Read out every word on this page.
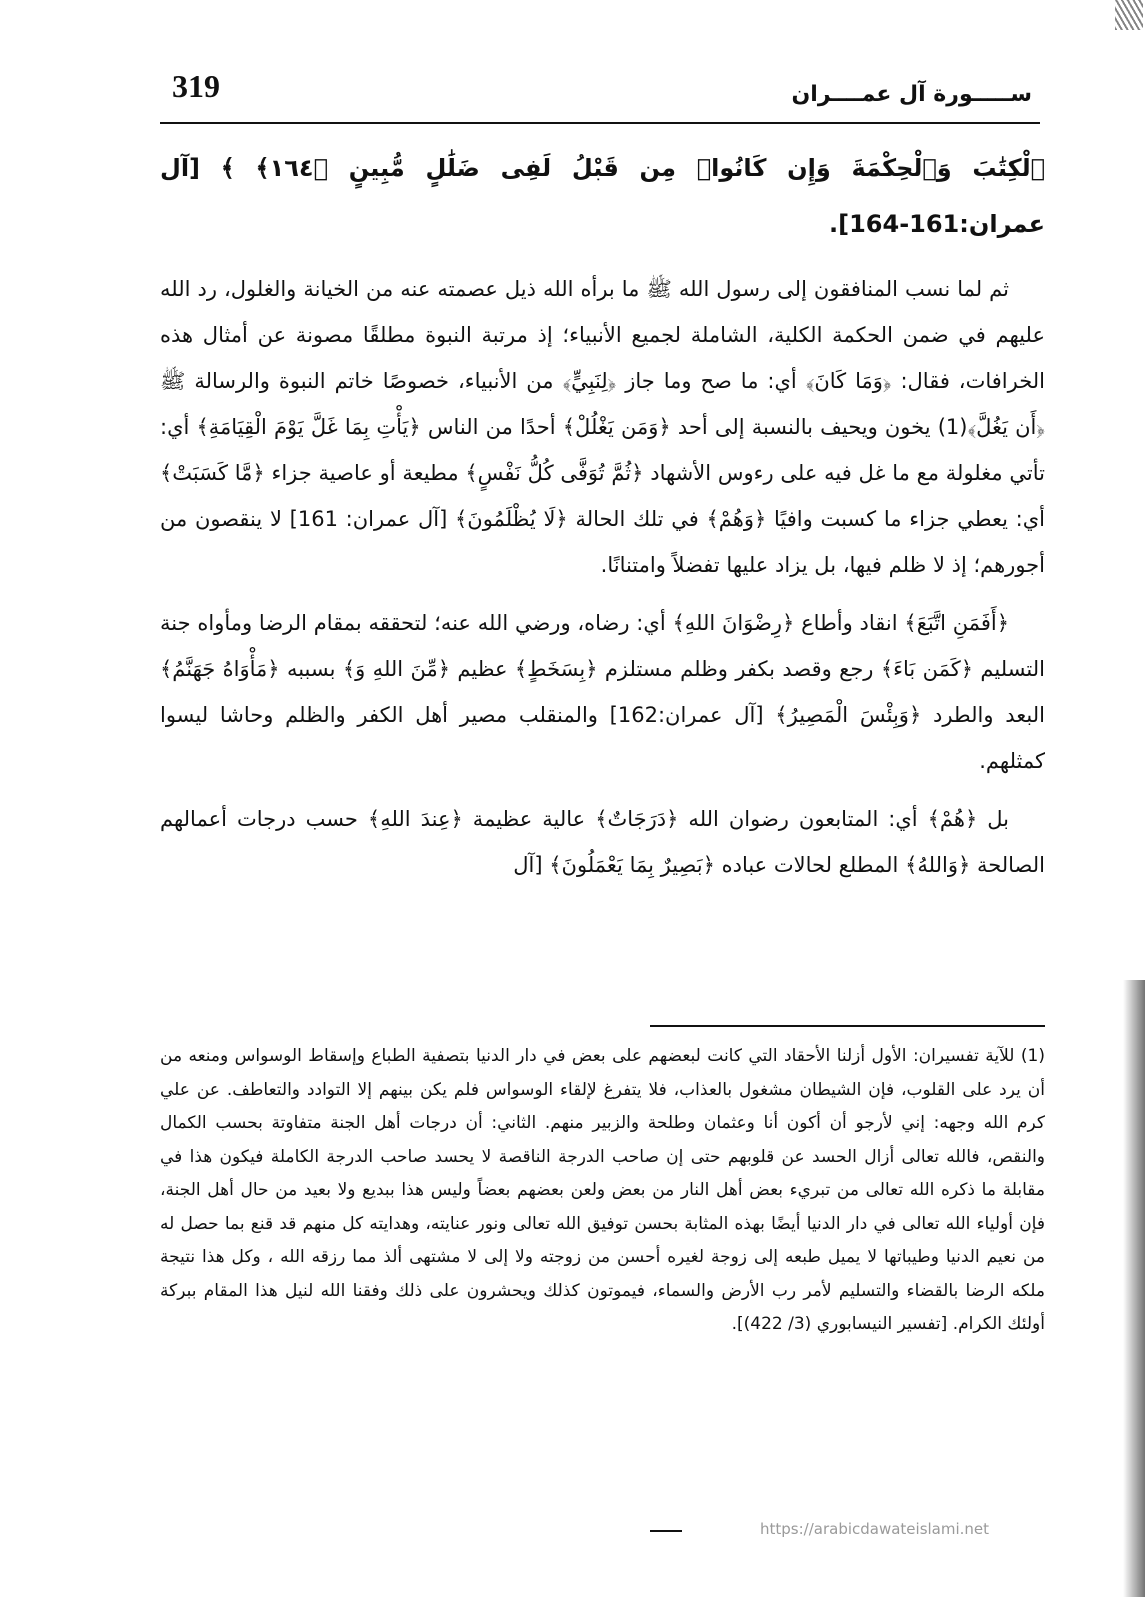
319	ســـــورة آل عمــــران

ٱلْكِتَٰبَ وَٱلْحِكْمَةَ وَإِن كَانُوا۟ مِن قَبْلُ لَفِى ضَلَٰلٍ مُّبِينٍ ﴿١٦٤﴾ ﴾ [آل عمران:161-164].

ثم لما نسب المنافقون إلى رسول الله ﷺ ما برأه الله ذيل عصمته عنه من الخيانة والغلول، رد الله عليهم في ضمن الحكمة الكلية، الشاملة لجميع الأنبياء؛ إذ مرتبة النبوة مطلقًا مصونة عن أمثال هذه الخرافات، فقال: ﴿وَمَا كَانَ﴾ أي: ما صح وما جاز ﴿لِنَبِيٍّ﴾ من الأنبياء، خصوصًا خاتم النبوة والرسالة ﷺ ﴿أَن يَغُلَّ﴾(1) يخون ويحيف بالنسبة إلى أحد ﴿وَمَن يَغْلُلْ﴾ أحدًا من الناس ﴿يَأْتِ بِمَا غَلَّ يَوْمَ الْقِيَامَةِ﴾ أي: تأتي مغلولة مع ما غل فيه على رءوس الأشهاد ﴿ثُمَّ تُوَفَّى كُلُّ نَفْسٍ﴾ مطيعة أو عاصية جزاء ﴿مَّا كَسَبَتْ﴾ أي: يعطي جزاء ما كسبت وافيًا ﴿وَهُمْ﴾ في تلك الحالة ﴿لَا يُظْلَمُونَ﴾ [آل عمران: 161] لا ينقصون من أجورهم؛ إذ لا ظلم فيها، بل يزاد عليها تفضلاً وامتنانًا.

﴿أَفَمَنِ اتَّبَعَ﴾ انقاد وأطاع ﴿رِضْوَانَ اللهِ﴾ أي: رضاه، ورضي الله عنه؛ لتحققه بمقام الرضا ومأواه جنة التسليم ﴿كَمَن بَاءَ﴾ رجع وقصد بكفر وظلم مستلزم ﴿بِسَخَطٍ﴾ عظيم ﴿مِّنَ اللهِ وَ﴾ بسببه ﴿مَأْوَاهُ جَهَنَّمُ﴾ البعد والطرد ﴿وَبِئْسَ الْمَصِيرُ﴾ [آل عمران:162] والمنقلب مصير أهل الكفر والظلم وحاشا ليسوا كمثلهم.

بل ﴿هُمْ﴾ أي: المتابعون رضوان الله ﴿دَرَجَاتٌ﴾ عالية عظيمة ﴿عِندَ اللهِ﴾ حسب درجات أعمالهم الصالحة ﴿وَاللهُ﴾ المطلع لحالات عباده ﴿بَصِيرٌ بِمَا يَعْمَلُونَ﴾ [آل

(1) للآية تفسيران: الأول أزلنا الأحقاد التي كانت لبعضهم على بعض في دار الدنيا بتصفية الطباع وإسقاط الوسواس ومنعه من أن يرد على القلوب، فإن الشيطان مشغول بالعذاب، فلا يتفرغ لإلقاء الوسواس فلم يكن بينهم إلا التوادد والتعاطف. عن علي كرم الله وجهه: إني لأرجو أن أكون أنا وعثمان وطلحة والزبير منهم. الثاني: أن درجات أهل الجنة متفاوتة بحسب الكمال والنقص، فالله تعالى أزال الحسد عن قلوبهم حتى إن صاحب الدرجة الناقصة لا يحسد صاحب الدرجة الكاملة فيكون هذا في مقابلة ما ذكره الله تعالى من تبريء بعض أهل النار من بعض ولعن بعضهم بعضاً وليس هذا ببديع ولا بعيد من حال أهل الجنة، فإن أولياء الله تعالى في دار الدنيا أيضًا بهذه المثابة بحسن توفيق الله تعالى ونور عنايته، وهدايته كل منهم قد قنع بما حصل له من نعيم الدنيا وطيباتها لا يميل طبعه إلى زوجة لغيره أحسن من زوجته ولا إلى لا مشتهى ألذ مما رزقه الله ، وكل هذا نتيجة ملكه الرضا بالقضاء والتسليم لأمر رب الأرض والسماء، فيموتون كذلك ويحشرون على ذلك وفقنا الله لنيل هذا المقام ببركة أولئك الكرام. [تفسير النيسابوري (3/ 422)].
https://arabicdawateislami.net
